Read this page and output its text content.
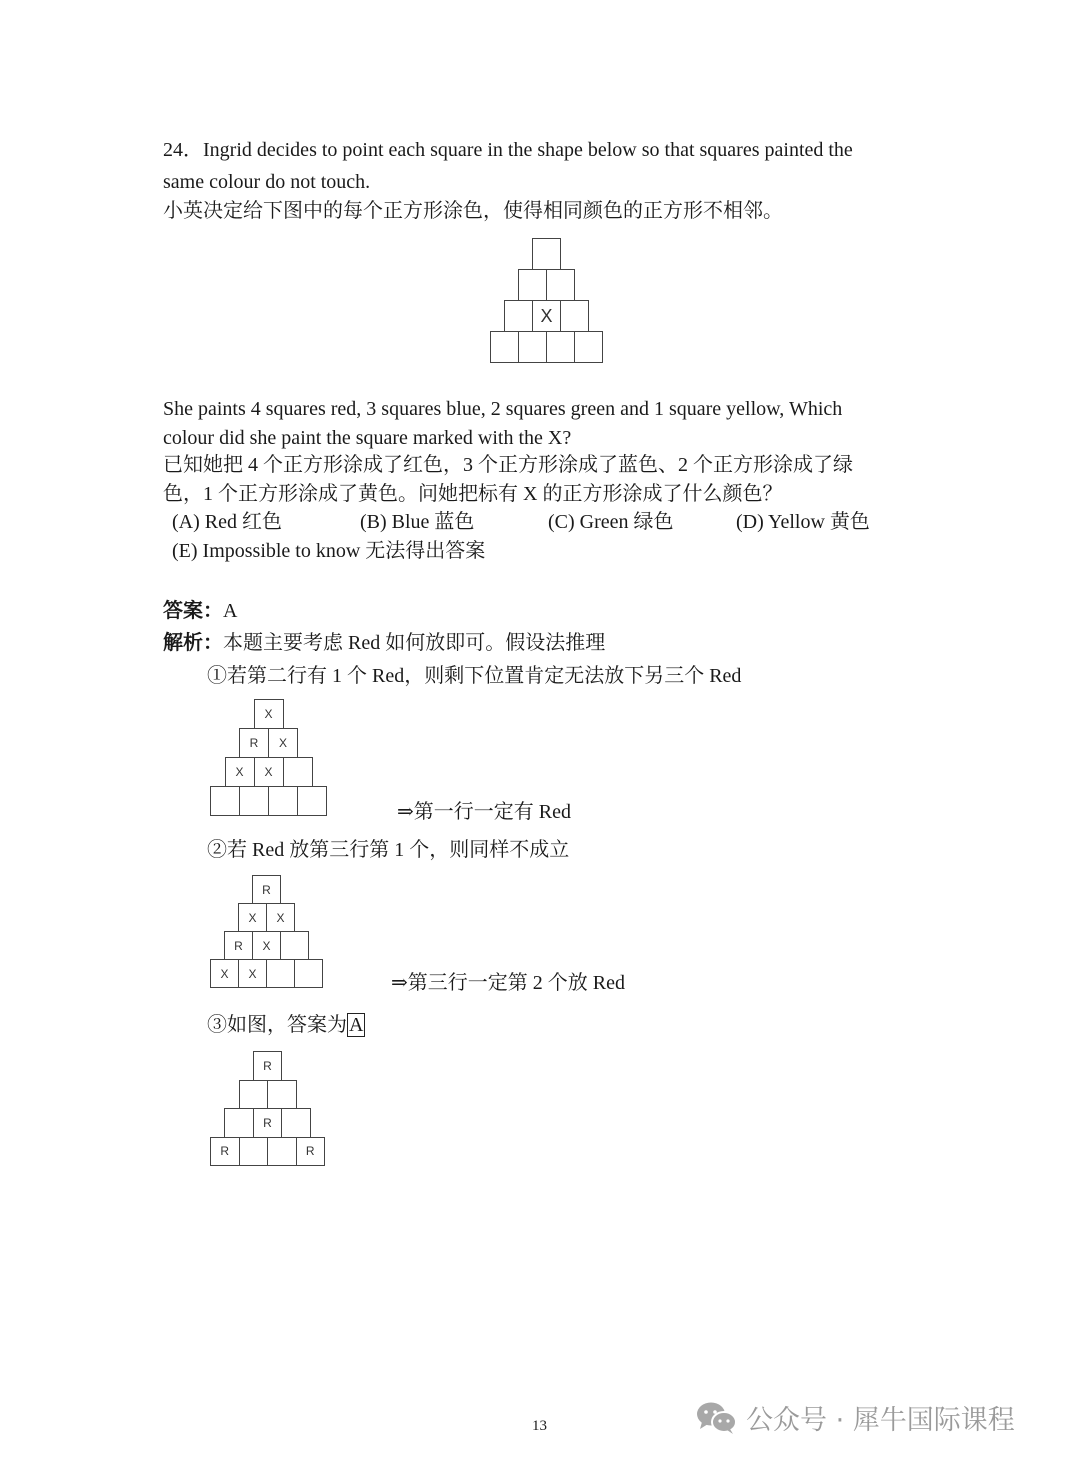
24．Ingrid decides to point each square in the shape below so that squares painted the
same colour do not touch.
小英决定给下图中的每个正方形涂色，使得相同颜色的正方形不相邻。
X
She paints 4 squares red, 3 squares blue, 2 squares green and 1 square yellow, Which
colour did she paint the square marked with the X?
已知她把 4 个正方形涂成了红色，3 个正方形涂成了蓝色、2 个正方形涂成了绿
色，1 个正方形涂成了黄色。问她把标有 X 的正方形涂成了什么颜色？
(A) Red 红色	(B) Blue 蓝色	(C) Green 绿色	(D) Yellow 黄色
(E) Impossible to know 无法得出答案
答案：A
解析：本题主要考虑 Red 如何放即可。假设法推理
①若第二行有 1 个 Red，则剩下位置肯定无法放下另三个 Red
X
R	X
X	X
⇒第一行一定有 Red
②若 Red 放第三行第 1 个，则同样不成立
R
X	X
R	X
X	X	⇒第三行一定第 2 个放 Red
③如图，答案为 A
R
R
R	R
13	公众号 · 犀牛国际课程
